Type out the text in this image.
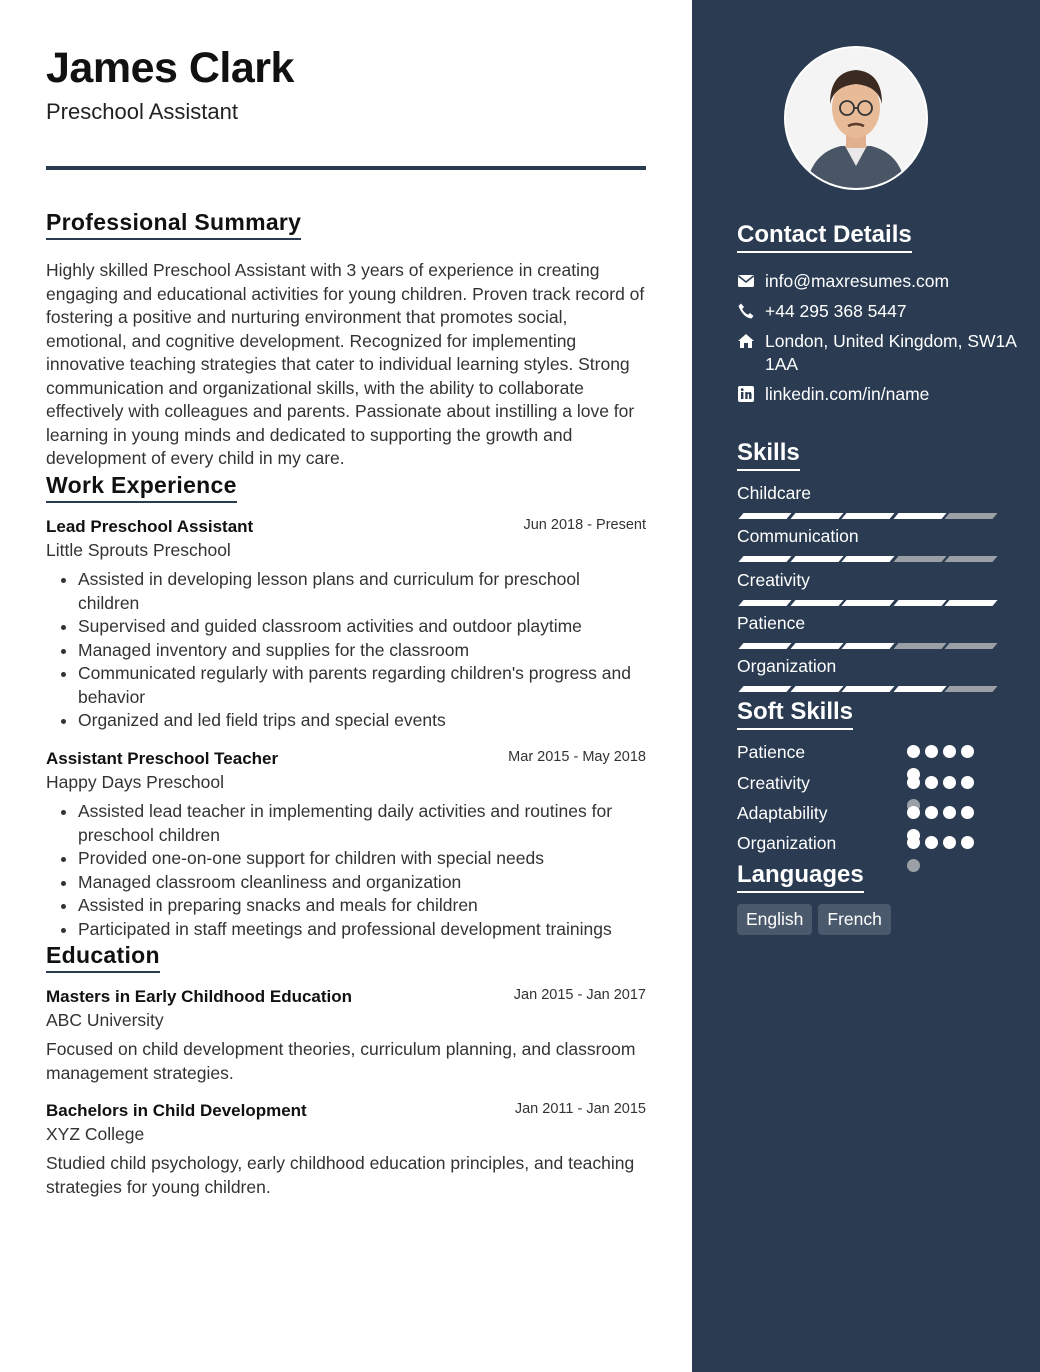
James Clark
Preschool Assistant
Professional Summary
Highly skilled Preschool Assistant with 3 years of experience in creating engaging and educational activities for young children. Proven track record of fostering a positive and nurturing environment that promotes social, emotional, and cognitive development. Recognized for implementing innovative teaching strategies that cater to individual learning styles. Strong communication and organizational skills, with the ability to collaborate effectively with colleagues and parents. Passionate about instilling a love for learning in young minds and dedicated to supporting the growth and development of every child in my care.
Work Experience
Lead Preschool Assistant	Jun 2018 - Present
Little Sprouts Preschool
• Assisted in developing lesson plans and curriculum for preschool children
• Supervised and guided classroom activities and outdoor playtime
• Managed inventory and supplies for the classroom
• Communicated regularly with parents regarding children's progress and behavior
• Organized and led field trips and special events
Assistant Preschool Teacher	Mar 2015 - May 2018
Happy Days Preschool
• Assisted lead teacher in implementing daily activities and routines for preschool children
• Provided one-on-one support for children with special needs
• Managed classroom cleanliness and organization
• Assisted in preparing snacks and meals for children
• Participated in staff meetings and professional development trainings
Education
Masters in Early Childhood Education	Jan 2015 - Jan 2017
ABC University
Focused on child development theories, curriculum planning, and classroom management strategies.
Bachelors in Child Development	Jan 2011 - Jan 2015
XYZ College
Studied child psychology, early childhood education principles, and teaching strategies for young children.
Contact Details
info@maxresumes.com
+44 295 368 5447
London, United Kingdom, SW1A 1AA
linkedin.com/in/name
Skills
Childcare
Communication
Creativity
Patience
Organization
Soft Skills
Patience
Creativity
Adaptability
Organization
Languages
English French
